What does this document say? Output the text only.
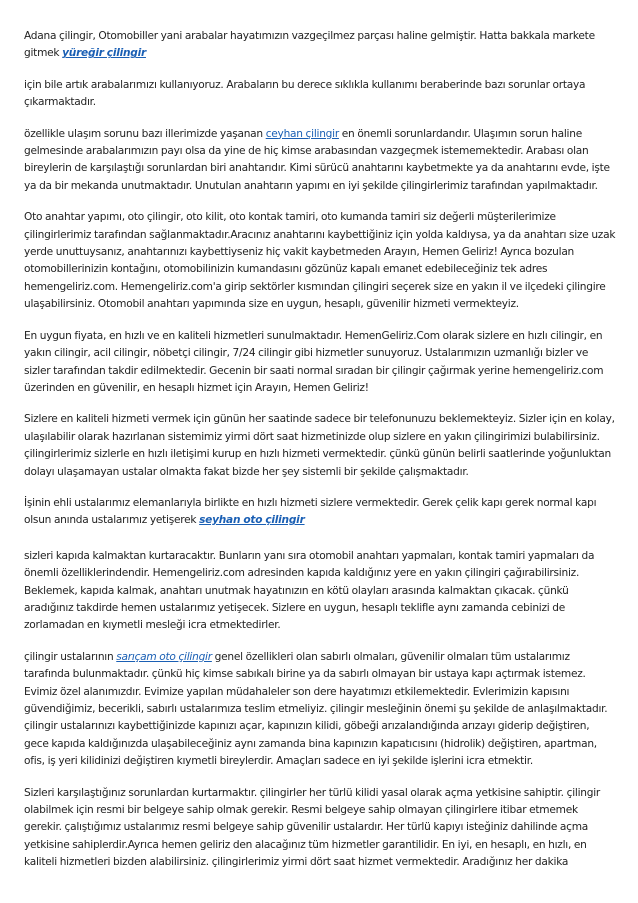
Adana çilingir, Otomobiller yani arabalar hayatımızın vazgeçilmez parçası haline gelmiştir. Hatta bakkala markete gitmek yüreğir çilingir

için bile artık arabalarımızı kullanıyoruz. Arabaların bu derece sıklıkla kullanımı beraberinde bazı sorunlar ortaya çıkarmaktadır.

özellikle ulaşım sorunu bazı illerimizde yaşanan ceyhan çilingir en önemli sorunlardandır. Ulaşımın sorun haline gelmesinde arabalarımızın payı olsa da yine de hiç kimse arabasından vazgeçmek istememektedir. Arabası olan bireylerin de karşılaştığı sorunlardan biri anahtarıdır. Kimi sürücü anahtarını kaybetmekte ya da anahtarını evde, işte ya da bir mekanda unutmaktadır. Unutulan anahtarın yapımı en iyi şekilde çilingirlerimiz tarafından yapılmaktadır.

Oto anahtar yapımı, oto çilingir, oto kilit, oto kontak tamiri, oto kumanda tamiri siz değerli müşterilerimize çilingirlerimiz tarafından sağlanmaktadır.Aracınız anahtarını kaybettiğiniz için yolda kaldıysa, ya da anahtarı size uzak yerde unuttuysanız, anahtarınızı kaybettiyseniz hiç vakit kaybetmeden Arayın, Hemen Geliriz! Ayrıca bozulan otomobillerinizin kontağını, otomobilinizin kumandasını gözünüz kapalı emanet edebileceğiniz tek adres hemengeliriz.com. Hemengeliriz.com'a girip sektörler kısmından çilingiri seçerek size en yakın il ve ilçedeki çilingire ulaşabilirsiniz. Otomobil anahtarı yapımında size en uygun, hesaplı, güvenilir hizmeti vermekteyiz.

En uygun fiyata, en hızlı ve en kaliteli hizmetleri sunulmaktadır. HemenGeliriz.Com olarak sizlere en hızlı cilingir, en yakın cilingir, acil cilingir, nöbetçi cilingir, 7/24 cilingir gibi hizmetler sunuyoruz. Ustalarımızın uzmanlığı bizler ve sizler tarafından takdir edilmektedir. Gecenin bir saati normal sıradan bir çilingir çağırmak yerine hemengeliriz.com üzerinden en güvenilir, en hesaplı hizmet için Arayın, Hemen Geliriz!

Sizlere en kaliteli hizmeti vermek için günün her saatinde sadece bir telefonunuzu beklemekteyiz. Sizler için en kolay, ulaşılabilir olarak hazırlanan sistemimiz yirmi dört saat hizmetinizde olup sizlere en yakın çilingirimizi bulabilirsiniz. çilingirlerimiz sizlerle en hızlı iletişimi kurup en hızlı hizmeti vermektedir. çünkü günün belirli saatlerinde yoğunluktan dolayı ulaşamayan ustalar olmakta fakat bizde her şey sistemli bir şekilde çalışmaktadır.

İşinin ehli ustalarımız elemanlarıyla birlikte en hızlı hizmeti sizlere vermektedir. Gerek çelik kapı gerek normal kapı olsun anında ustalarımız yetişerek seyhan oto çilingir

sizleri kapıda kalmaktan kurtaracaktır. Bunların yanı sıra otomobil anahtarı yapmaları, kontak tamiri yapmaları da önemli özelliklerindendir. Hemengeliriz.com adresinden kapıda kaldığınız yere en yakın çilingiri çağırabilirsiniz. Beklemek, kapıda kalmak, anahtarı unutmak hayatınızın en kötü olayları arasında kalmaktan çıkacak. çünkü aradığınız takdirde hemen ustalarımız yetişecek. Sizlere en uygun, hesaplı teklifle aynı zamanda cebinizi de zorlamadan en kıymetli mesleği icra etmektedirler.

çilingir ustalarının sarıçam oto çilingir genel özellikleri olan sabırlı olmaları, güvenilir olmaları tüm ustalarımız tarafında bulunmaktadır. çünkü hiç kimse sabıkalı birine ya da sabırlı olmayan bir ustaya kapı açtırmak istemez. Evimiz özel alanımızdır. Evimize yapılan müdahaleler son dere hayatımızı etkilemektedir. Evlerimizin kapısını güvendiğimiz, becerikli, sabırlı ustalarımıza teslim etmeliyiz. çilingir mesleğinin önemi şu şekilde de anlaşılmaktadır. çilingir ustalarınızı kaybettiğinizde kapınızı açar, kapınızın kilidi, göbeği arızalandığında arızayı giderip değiştiren, gece kapıda kaldığınızda ulaşabileceğiniz aynı zamanda bina kapınızın kapatıcısını (hidrolik) değiştiren, apartman, ofis, iş yeri kilidinizi değiştiren kıymetli bireylerdir. Amaçları sadece en iyi şekilde işlerini icra etmektir.

Sizleri karşılaştığınız sorunlardan kurtarmaktır. çilingirler her türlü kilidi yasal olarak açma yetkisine sahiptir. çilingir olabilmek için resmi bir belgeye sahip olmak gerekir. Resmi belgeye sahip olmayan çilingirlere itibar etmemek gerekir. çalıştığımız ustalarımız resmi belgeye sahip güvenilir ustalardır. Her türlü kapıyı isteğiniz dahilinde açma yetkisine sahiplerdir.Ayrıca hemen geliriz den alacağınız tüm hizmetler garantilidir. En iyi, en hesaplı, en hızlı, en kaliteli hizmetleri bizden alabilirsiniz. çilingirlerimiz yirmi dört saat hizmet vermektedir. Aradığınız her dakika
